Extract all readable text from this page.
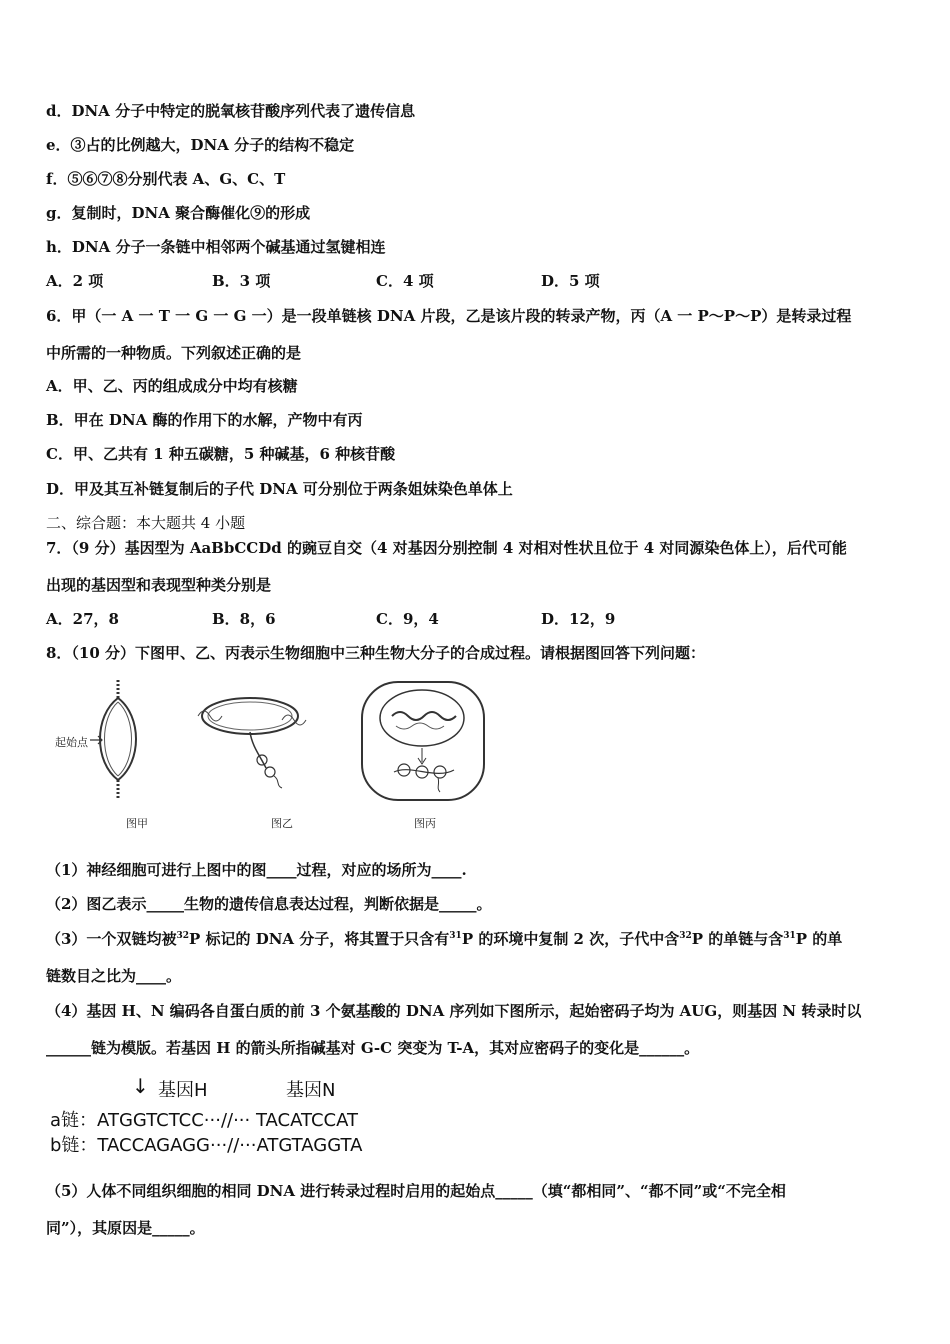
d．DNA 分子中特定的脱氧核苷酸序列代表了遗传信息
e．③占的比例越大，DNA 分子的结构不稳定
f．⑤⑥⑦⑧分别代表 A、G、C、T
g．复制时，DNA 聚合酶催化⑨的形成
h．DNA 分子一条链中相邻两个碱基通过氢键相连
A．2 项	B．3 项	C．4 项	D．5 项
6．甲（一 A 一 T 一 G 一 G 一）是一段单链核 DNA 片段，乙是该片段的转录产物，丙（A 一 P～P～P）是转录过程
中所需的一种物质。下列叙述正确的是
A．甲、乙、丙的组成成分中均有核糖
B．甲在 DNA 酶的作用下的水解，产物中有丙
C．甲、乙共有 1 种五碳糖，5 种碱基，6 种核苷酸
D．甲及其互补链复制后的子代 DNA 可分别位于两条姐妹染色单体上
二、综合题：本大题共 4 小题
7．（9 分）基因型为 AaBbCCDd 的豌豆自交（4 对基因分别控制 4 对相对性状且位于 4 对同源染色体上），后代可能
出现的基因型和表现型种类分别是
A．27，8	B．8，6	C．9，4	D．12，9
8．（10 分）下图甲、乙、丙表示生物细胞中三种生物大分子的合成过程。请根据图回答下列问题：
起始点
图甲	图乙	图丙
（1）神经细胞可进行上图中的图____过程，对应的场所为____.
（2）图乙表示_____生物的遗传信息表达过程，判断依据是_____。
（3）一个双链均被$^{32}$P 标记的 DNA 分子，将其置于只含有$^{31}$P 的环境中复制 2 次，子代中含$^{32}$P 的单链与含$^{31}$P 的单
链数目之比为____。
（4）基因 H、N 编码各自蛋白质的前 3 个氨基酸的 DNA 序列如下图所示，起始密码子均为 AUG，则基因 N 转录时以
______链为模版。若基因 H 的箭头所指碱基对 G-C 突变为 T-A，其对应密码子的变化是______。
↓ 基因H	基因N
a链：ATGGTCTCC···//··· TACATCCAT
b链：TACCAGAGG···//···ATGTAGGTA
（5）人体不同组织细胞的相同 DNA 进行转录过程时启用的起始点_____（填“都相同”、“都不同”或“不完全相
同”），其原因是_____。
